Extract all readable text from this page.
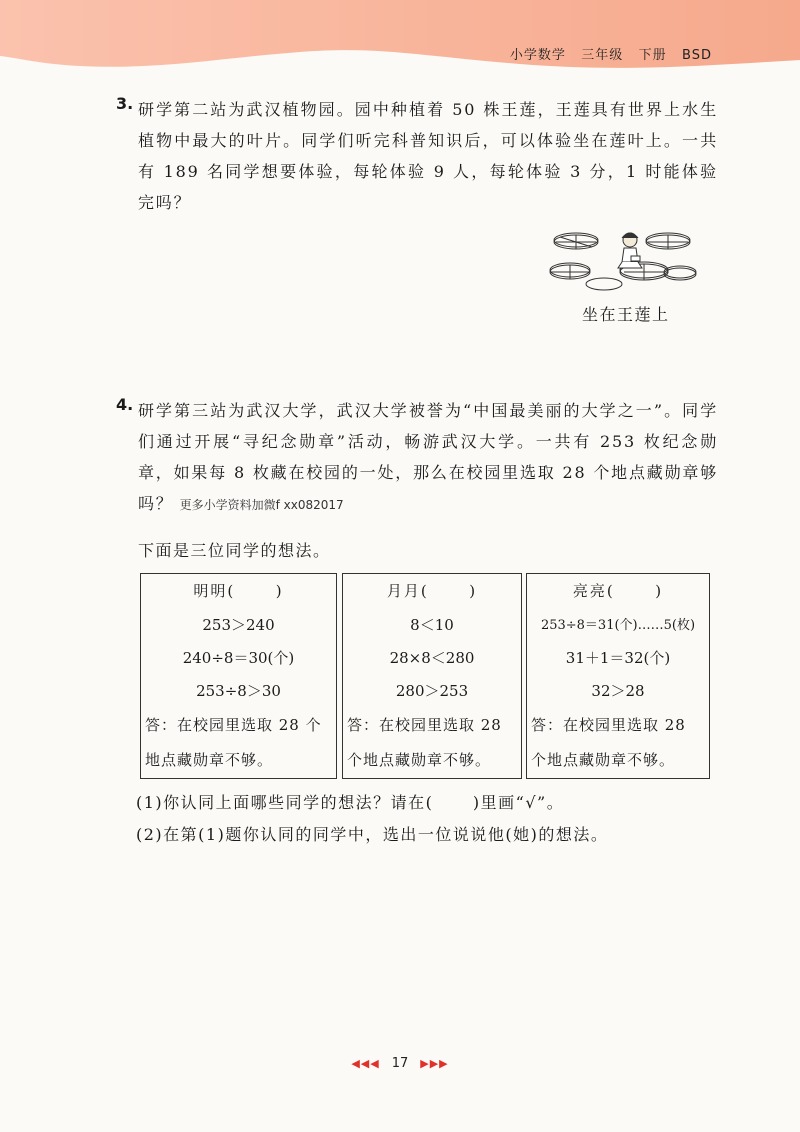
小学数学   三年级   下册   BSD
3. 研学第二站为武汉植物园。园中种植着 50 株王莲，王莲具有世界上水生植物中最大的叶片。同学们听完科普知识后，可以体验坐在莲叶上。一共有 189 名同学想要体验，每轮体验 9 人，每轮体验 3 分，1 时能体验完吗？

坐在王莲上
4. 研学第三站为武汉大学，武汉大学被誉为“中国最美丽的大学之一”。同学们通过开展“寻纪念勋章”活动，畅游武汉大学。一共有 253 枚纪念勋章，如果每 8 枚藏在校园的一处，那么在校园里选取 28 个地点藏勋章够吗？ 更多小学资料加微f xx082017

下面是三位同学的想法。
明明(      )
253＞240
240÷8＝30(个)
253÷8＞30
答：在校园里选取 28 个地点藏勋章不够。
月月(      )
8＜10
28×8＜280
280＞253
答：在校园里选取 28 个地点藏勋章不够。
亮亮(      )
253÷8＝31(个)……5(枚)
31＋1＝32(个)
32＞28
答：在校园里选取 28 个地点藏勋章不够。
(1)你认同上面哪些同学的想法？请在(      )里画“√”。
(2)在第(1)题你认同的同学中，选出一位说说他(她)的想法。
◀◀◀ 17 ▶▶▶
